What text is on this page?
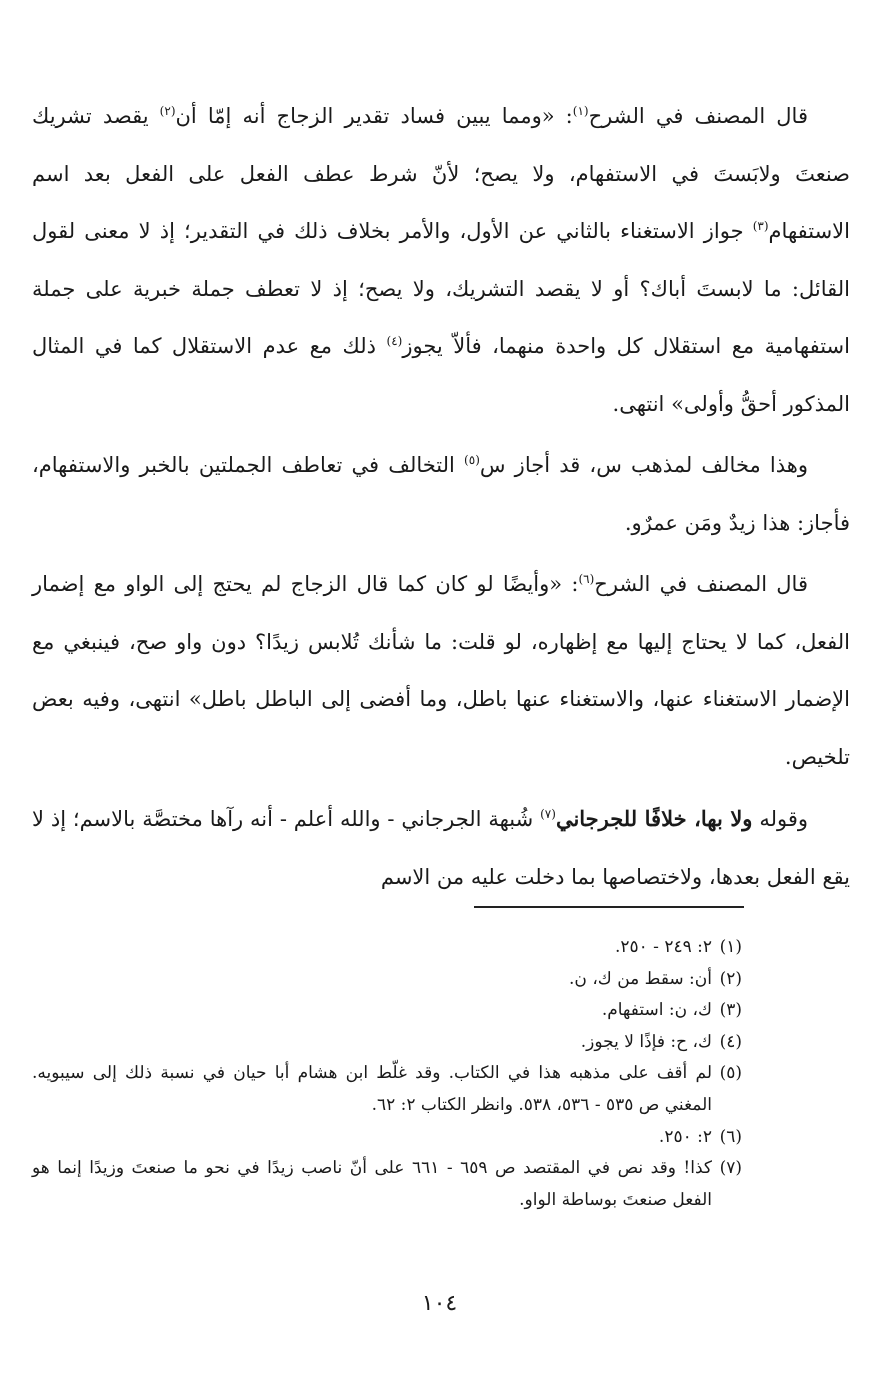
قال المصنف في الشرح$^{(١)}$: «ومما يبين فساد تقدير الزجاج أنه إمّا أن$^{(٢)}$ يقصد تشريك صنعتَ ولابَستَ في الاستفهام، ولا يصح؛ لأنّ شرط عطف الفعل على الفعل بعد اسم الاستفهام$^{(٣)}$ جواز الاستغناء بالثاني عن الأول، والأمر بخلاف ذلك في التقدير؛ إذ لا معنى لقول القائل: ما لابستَ أباك؟ أو لا يقصد التشريك، ولا يصح؛ إذ لا تعطف جملة خبرية على جملة استفهامية مع استقلال كل واحدة منهما، فألاّ يجوز$^{(٤)}$ ذلك مع عدم الاستقلال كما في المثال المذكور أحقُّ وأولى» انتهى.

وهذا مخالف لمذهب س، قد أجاز س$^{(٥)}$ التخالف في تعاطف الجملتين بالخبر والاستفهام، فأجاز: هذا زيدٌ ومَن عمرٌو.

قال المصنف في الشرح$^{(٦)}$: «وأيضًا لو كان كما قال الزجاج لم يحتج إلى الواو مع إضمار الفعل، كما لا يحتاج إليها مع إظهاره، لو قلت: ما شأنك تُلابس زيدًا؟ دون واو صح، فينبغي مع الإضمار الاستغناء عنها، والاستغناء عنها باطل، وما أفضى إلى الباطل باطل» انتهى، وفيه بعض تلخيص.

وقوله ولا بها، خلافًا للجرجاني$^{(٧)}$ شُبهة الجرجاني - والله أعلم - أنه رآها مختصَّة بالاسم؛ إذ لا يقع الفعل بعدها، ولاختصاصها بما دخلت عليه من الاسم

(١)
٢: ٢٤٩ - ٢٥٠.

(٢)
أن: سقط من ك، ن.

(٣)
ك، ن: استفهام.

(٤)
ك، ح: فإذًا لا يجوز.

(٥)
لم أقف على مذهبه هذا في الكتاب. وقد غلّط ابن هشام أبا حيان في نسبة ذلك إلى سيبويه. المغني ص ٥٣٥ - ٥٣٦، ٥٣٨. وانظر الكتاب ٢: ٦٢.

(٦)
٢: ٢٥٠.

(٧)
كذا! وقد نص في المقتصد ص ٦٥٩ - ٦٦١ على أنّ ناصب زيدًا في نحو ما صنعتَ وزيدًا إنما هو الفعل صنعتَ بوساطة الواو.

١٠٤
